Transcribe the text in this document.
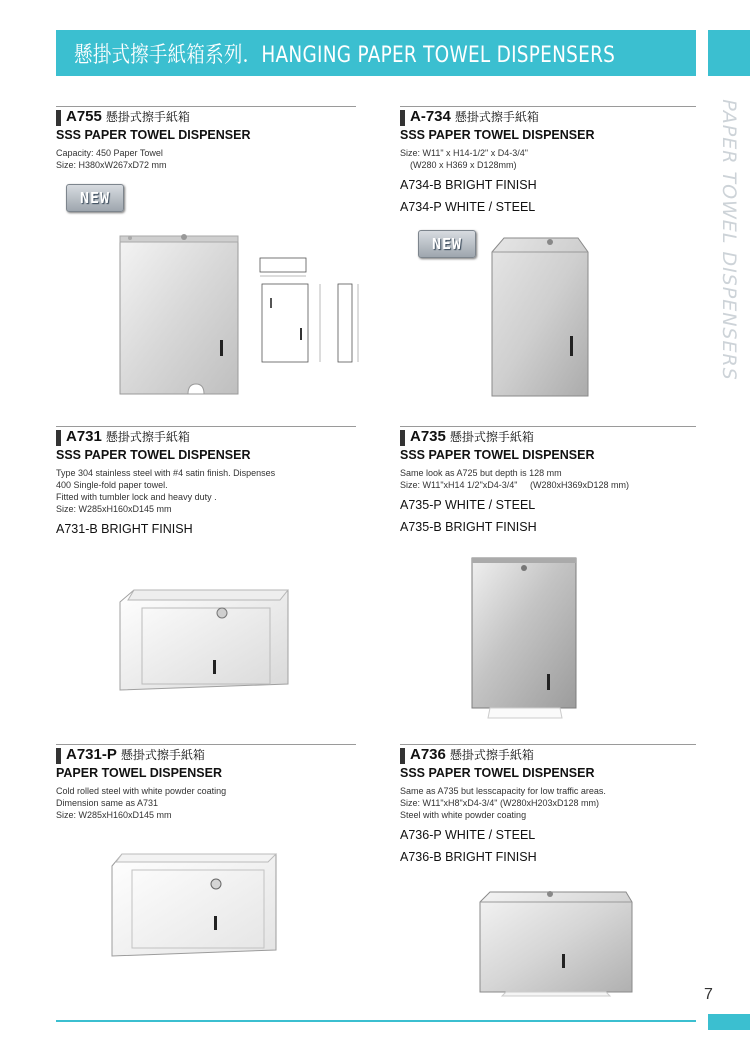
懸掛式擦手紙箱系列．HANGING PAPER TOWEL DISPENSERS
PAPER TOWEL DISPENSERS
A755 懸掛式擦手紙箱
SSS PAPER TOWEL DISPENSER
Capacity: 450 Paper Towel
Size: H380xW267xD72 mm
NEW
A-734 懸掛式擦手紙箱
SSS PAPER TOWEL DISPENSER
Size: W11" x H14-1/2" x D4-3/4"
(W280 x H369 x D128mm)
A734-B BRIGHT FINISH
A734-P WHITE / STEEL
NEW
A731 懸掛式擦手紙箱
SSS PAPER TOWEL DISPENSER
Type 304 stainless steel with #4 satin finish. Dispenses
400 Single-fold paper towel.
Fitted with tumbler lock and heavy duty .
Size: W285xH160xD145 mm
A731-B BRIGHT FINISH
A735 懸掛式擦手紙箱
SSS PAPER TOWEL DISPENSER
Same look as A725 but depth is 128 mm
Size: W11"xH14 1/2"xD4-3/4"     (W280xH369xD128 mm)
A735-P WHITE / STEEL
A735-B BRIGHT FINISH
A731-P 懸掛式擦手紙箱
PAPER TOWEL DISPENSER
Cold rolled steel with white powder coating
Dimension same as A731
Size: W285xH160xD145 mm
A736 懸掛式擦手紙箱
SSS PAPER TOWEL DISPENSER
Same as A735 but lesscapacity for low traffic areas.
Size: W11"xH8"xD4-3/4" (W280xH203xD128 mm)
Steel with white powder coating
A736-P WHITE / STEEL
A736-B BRIGHT FINISH
7
